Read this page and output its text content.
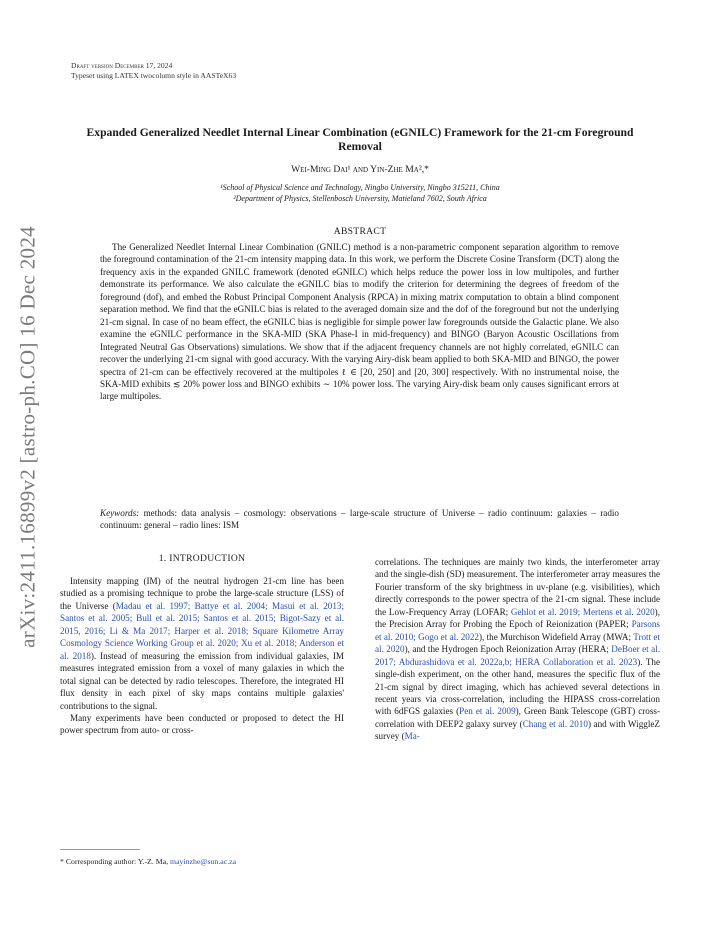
arXiv:2411.16899v2 [astro-ph.CO] 16 Dec 2024
Draft version December 17, 2024
Typeset using LATEX twocolumn style in AASTeX63
Expanded Generalized Needlet Internal Linear Combination (eGNILC) Framework for the 21-cm Foreground Removal
Wei-Ming Dai¹ and Yin-Zhe Ma²,*
¹School of Physical Science and Technology, Ningbo University, Ningbo 315211, China
²Department of Physics, Stellenbosch University, Matieland 7602, South Africa
ABSTRACT

The Generalized Needlet Internal Linear Combination (GNILC) method is a non-parametric component separation algorithm to remove the foreground contamination of the 21-cm intensity mapping data. In this work, we perform the Discrete Cosine Transform (DCT) along the frequency axis in the expanded GNILC framework (denoted eGNILC) which helps reduce the power loss in low multipoles, and further demonstrate its performance. We also calculate the eGNILC bias to modify the criterion for determining the degrees of freedom of the foreground (dof), and embed the Robust Principal Component Analysis (RPCA) in mixing matrix computation to obtain a blind component separation method. We find that the eGNILC bias is related to the averaged domain size and the dof of the foreground but not the underlying 21-cm signal. In case of no beam effect, the eGNILC bias is negligible for simple power law foregrounds outside the Galactic plane. We also examine the eGNILC performance in the SKA-MID (SKA Phase-I in mid-frequency) and BINGO (Baryon Acoustic Oscillations from Integrated Neutral Gas Observations) simulations. We show that if the adjacent frequency channels are not highly correlated, eGNILC can recover the underlying 21-cm signal with good accuracy. With the varying Airy-disk beam applied to both SKA-MID and BINGO, the power spectra of 21-cm can be effectively recovered at the multipoles ℓ ∈ [20, 250] and [20, 300] respectively. With no instrumental noise, the SKA-MID exhibits ≲ 20% power loss and BINGO exhibits ∼ 10% power loss. The varying Airy-disk beam only causes significant errors at large multipoles.

Keywords: methods: data analysis – cosmology: observations – large-scale structure of Universe – radio continuum: galaxies – radio continuum: general – radio lines: ISM

1. INTRODUCTION

Intensity mapping (IM) of the neutral hydrogen 21-cm line has been studied as a promising technique to probe the large-scale structure (LSS) of the Universe (Madau et al. 1997; Battye et al. 2004; Masui et al. 2013; Santos et al. 2005; Bull et al. 2015; Santos et al. 2015; Bigot-Sazy et al. 2015, 2016; Li & Ma 2017; Harper et al. 2018; Square Kilometre Array Cosmology Science Working Group et al. 2020; Xu et al. 2018; Anderson et al. 2018). Instead of measuring the emission from individual galaxies, IM measures integrated emission from a voxel of many galaxies in which the total signal can be detected by radio telescopes. Therefore, the integrated HI flux density in each pixel of sky maps contains multiple galaxies' contributions to the signal.

Many experiments have been conducted or proposed to detect the HI power spectrum from auto- or cross-

correlations. The techniques are mainly two kinds, the interferometer array and the single-dish (SD) measurement. The interferometer array measures the Fourier transform of the sky brightness in uv-plane (e.g. visibilities), which directly corresponds to the power spectra of the 21-cm signal. These include the Low-Frequency Array (LOFAR; Gehlot et al. 2019; Mertens et al. 2020), the Precision Array for Probing the Epoch of Reionization (PAPER; Parsons et al. 2010; Gogo et al. 2022), the Murchison Widefield Array (MWA; Trott et al. 2020), and the Hydrogen Epoch Reionization Array (HERA; DeBoer et al. 2017; Abdurashidova et al. 2022a,b; HERA Collaboration et al. 2023). The single-dish experiment, on the other hand, measures the specific flux of the 21-cm signal by direct imaging, which has achieved several detections in recent years via cross-correlation, including the HIPASS cross-correlation with 6dFGS galaxies (Pen et al. 2009), Green Bank Telescope (GBT) cross-correlation with DEEP2 galaxy survey (Chang et al. 2010) and with WiggleZ survey (Ma-

* Corresponding author: Y.-Z. Ma, mayinzhe@sun.ac.za
